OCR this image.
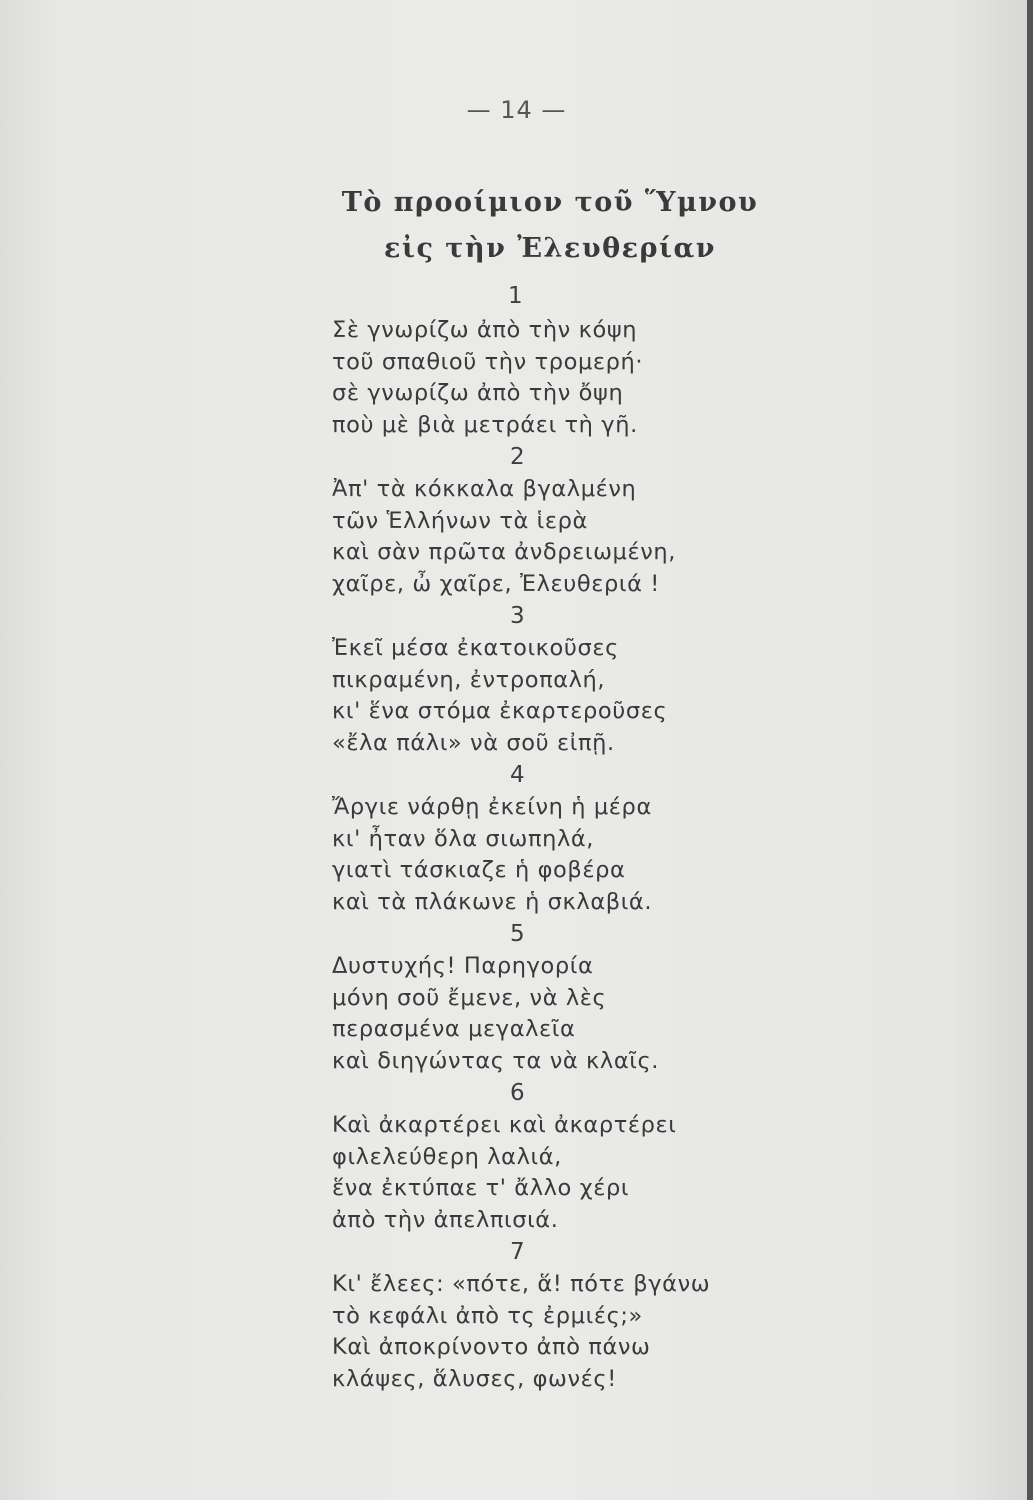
— 14 —
Τὸ προοίμιον τοῦ Ὕμνου
εἰς τὴν Ἐλευθερίαν
1
Σὲ γνωρίζω ἀπὸ τὴν κόψη
τοῦ σπαθιοῦ τὴν τρομερή·
σὲ γνωρίζω ἀπὸ τὴν ὄψη
ποὺ μὲ βιὰ μετράει τὴ γῆ.
2
Ἀπ' τὰ κόκκαλα βγαλμένη
τῶν Ἑλλήνων τὰ ἱερὰ
καὶ σὰν πρῶτα ἀνδρειωμένη,
χαῖρε, ὦ χαῖρε, Ἐλευθεριά !
3
Ἐκεῖ μέσα ἐκατοικοῦσες
πικραμένη, ἐντροπαλή,
κι' ἕνα στόμα ἐκαρτεροῦσες
«ἔλα πάλι» νὰ σοῦ εἰπῇ.
4
Ἄργιε νάρθῃ ἐκείνη ἡ μέρα
κι' ἦταν ὅλα σιωπηλά,
γιατὶ τάσκιαζε ἡ φοβέρα
καὶ τὰ πλάκωνε ἡ σκλαβιά.
5
Δυστυχής! Παρηγορία
μόνη σοῦ ἔμενε, νὰ λὲς
περασμένα μεγαλεῖα
καὶ διηγώντας τα νὰ κλαῖς.
6
Καὶ ἀκαρτέρει καὶ ἀκαρτέρει
φιλελεύθερη λαλιά,
ἕνα ἐκτύπαε τ' ἄλλο χέρι
ἀπὸ τὴν ἀπελπισιά.
7
Κι' ἔλεες: «πότε, ἅ! πότε βγάνω
τὸ κεφάλι ἀπὸ τς ἐρμιές;»
Καὶ ἀποκρίνοντο ἀπὸ πάνω
κλάψες, ἅλυσες, φωνές!
